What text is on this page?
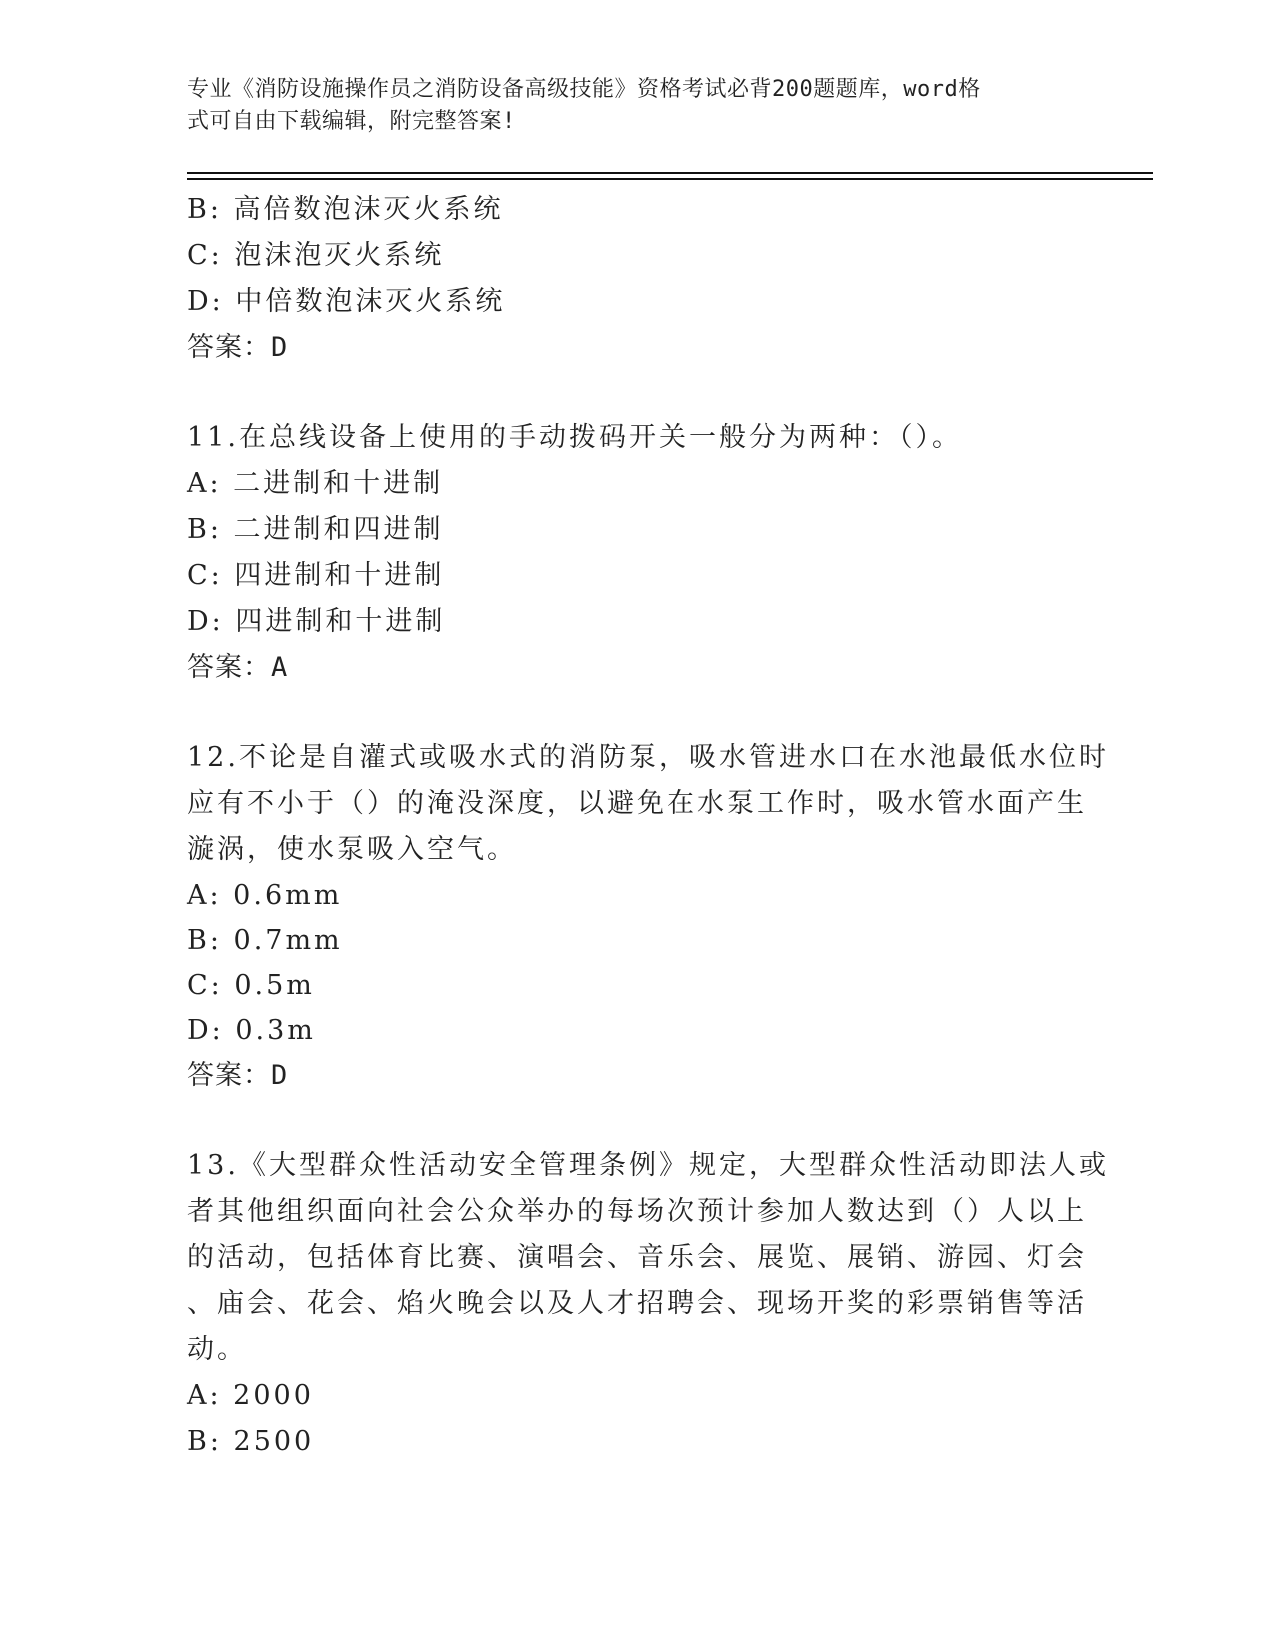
专业《消防设施操作员之消防设备高级技能》资格考试必背200题题库，word格
式可自由下载编辑，附完整答案!
B: 高倍数泡沫灭火系统
C: 泡沫泡灭火系统
D: 中倍数泡沫灭火系统
答案：D
11.在总线设备上使用的手动拨码开关一般分为两种：（）。
A: 二进制和十进制
B: 二进制和四进制
C: 四进制和十进制
D: 四进制和十进制
答案：A
12.不论是自灌式或吸水式的消防泵，吸水管进水口在水池最低水位时
应有不小于（）的淹没深度，以避免在水泵工作时，吸水管水面产生
漩涡，使水泵吸入空气。
A: 0.6mm
B: 0.7mm
C: 0.5m
D: 0.3m
答案：D
13.《大型群众性活动安全管理条例》规定，大型群众性活动即法人或
者其他组织面向社会公众举办的每场次预计参加人数达到（）人以上
的活动，包括体育比赛、演唱会、音乐会、展览、展销、游园、灯会
、庙会、花会、焰火晚会以及人才招聘会、现场开奖的彩票销售等活
动。
A: 2000
B: 2500
